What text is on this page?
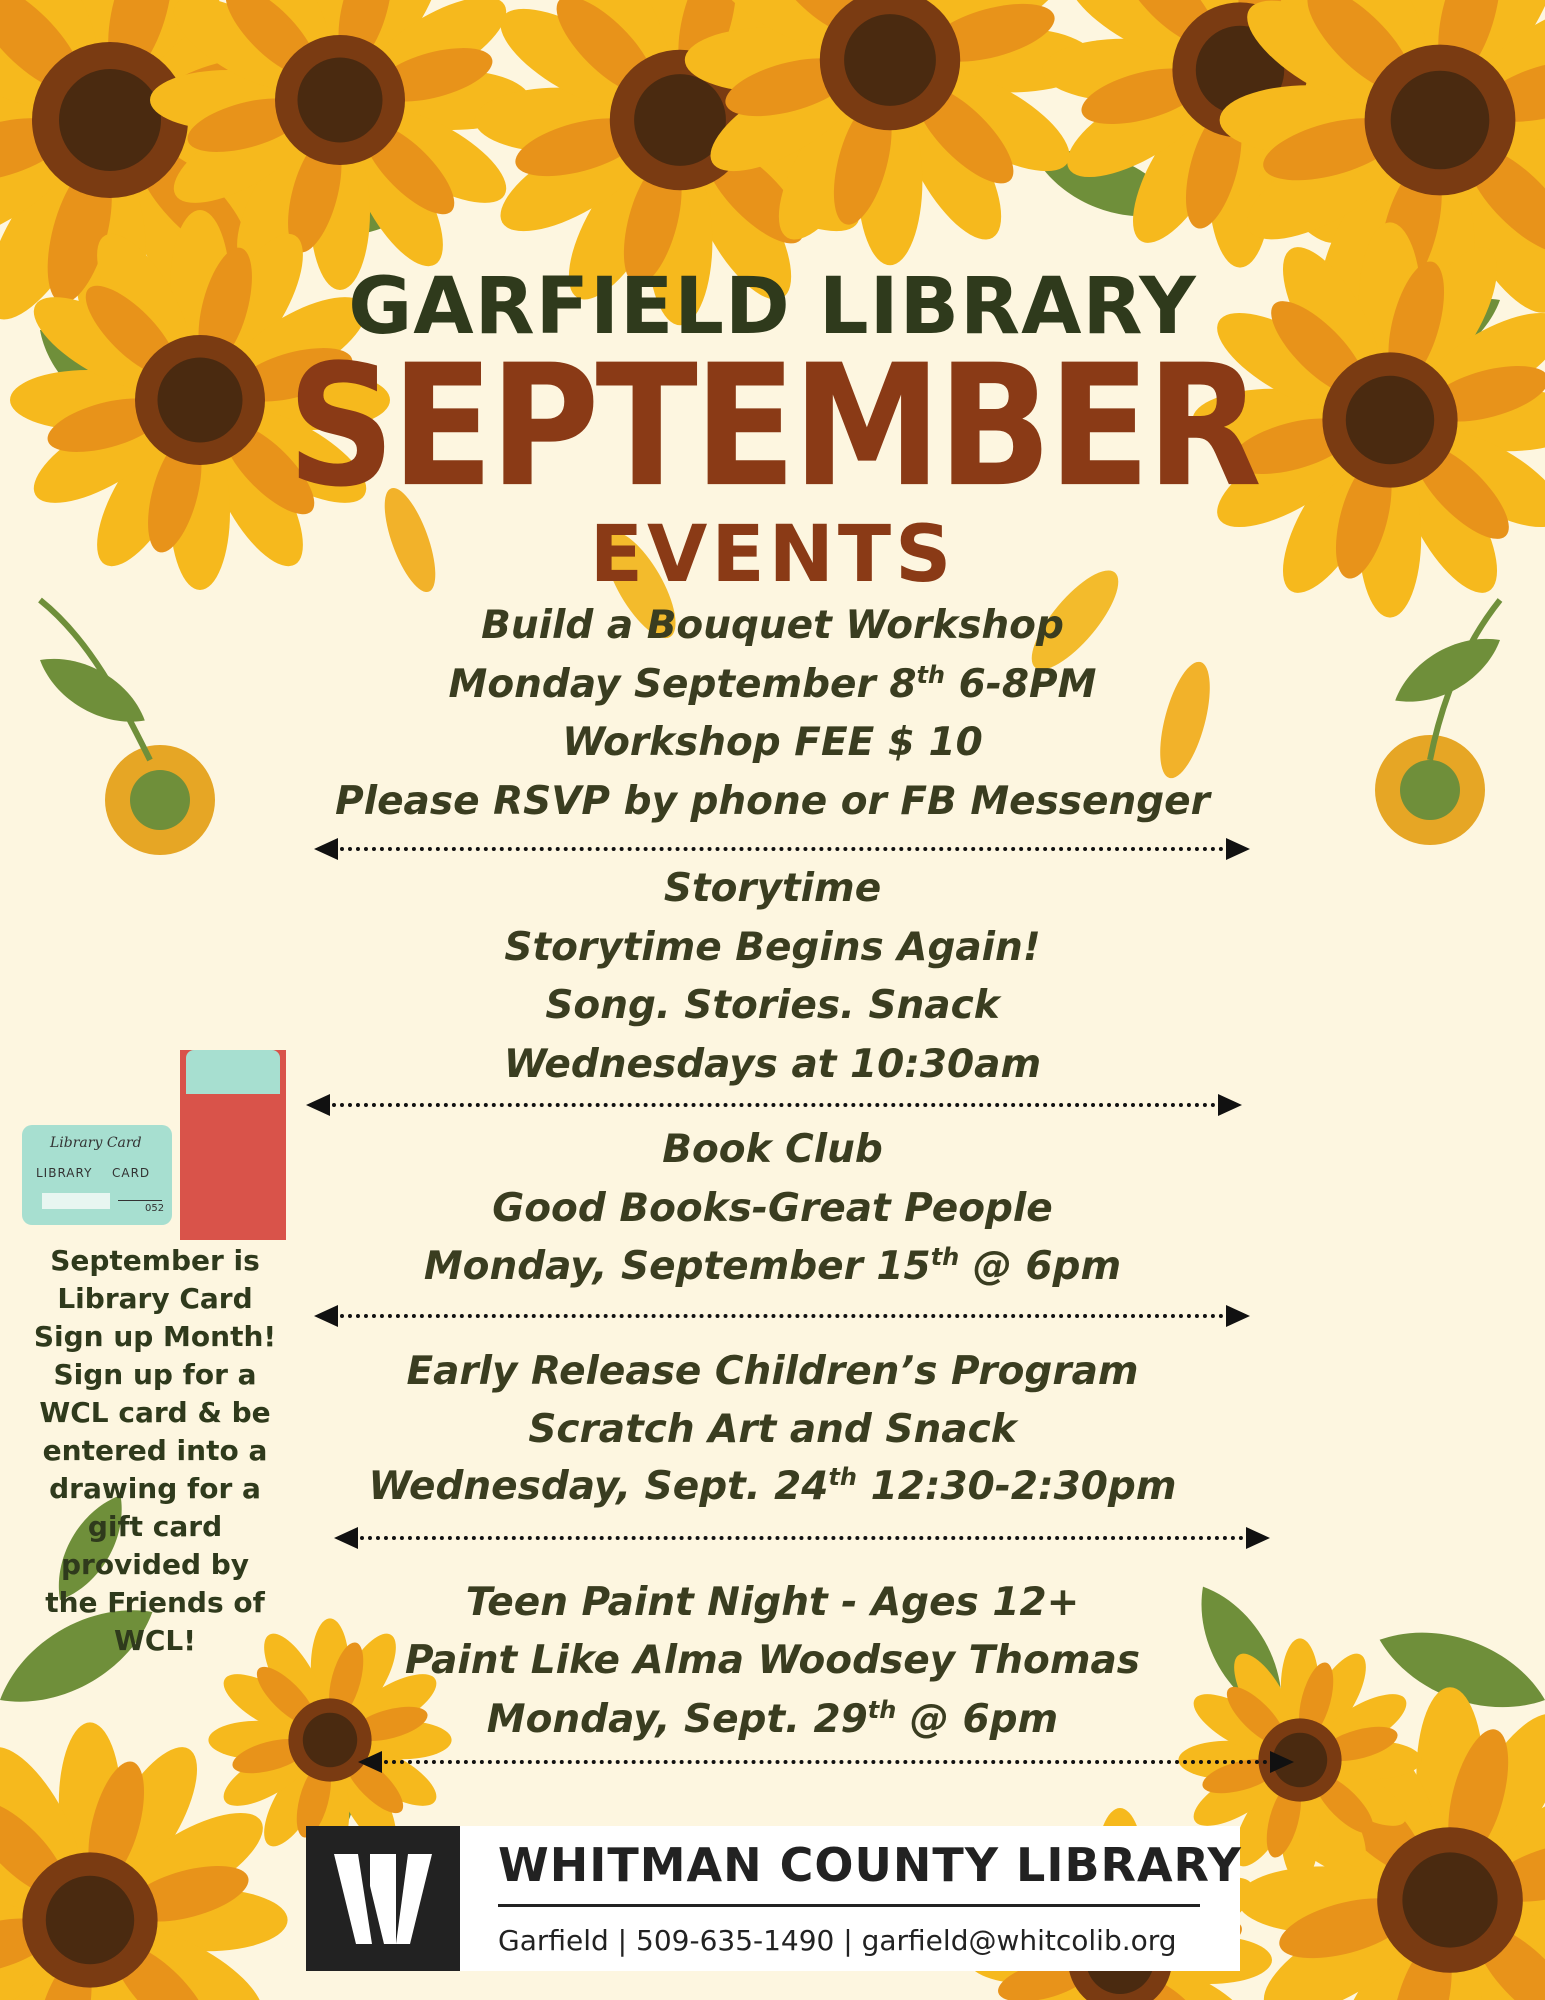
GARFIELD LIBRARY
SEPTEMBER
EVENTS
Build a Bouquet Workshop
Monday September 8th 6-8PM
Workshop FEE $ 10
Please RSVP by phone or FB Messenger
Storytime
Storytime Begins Again!
Song. Stories. Snack
Wednesdays at 10:30am
Book Club
Good Books-Great People
Monday, September 15th @ 6pm
Early Release Children’s Program
Scratch Art and Snack
Wednesday, Sept. 24th 12:30-2:30pm
Teen Paint Night - Ages 12+
Paint Like Alma Woodsey Thomas
Monday, Sept. 29th @ 6pm
Library Card
LIBRARY CARD
052
September is
Library Card
Sign up Month!
Sign up for a
WCL card & be
entered into a
drawing for a
gift card
provided by
the Friends of
WCL!
WHITMAN COUNTY LIBRARY
Garfield | 509-635-1490 | garfield@whitcolib.org
